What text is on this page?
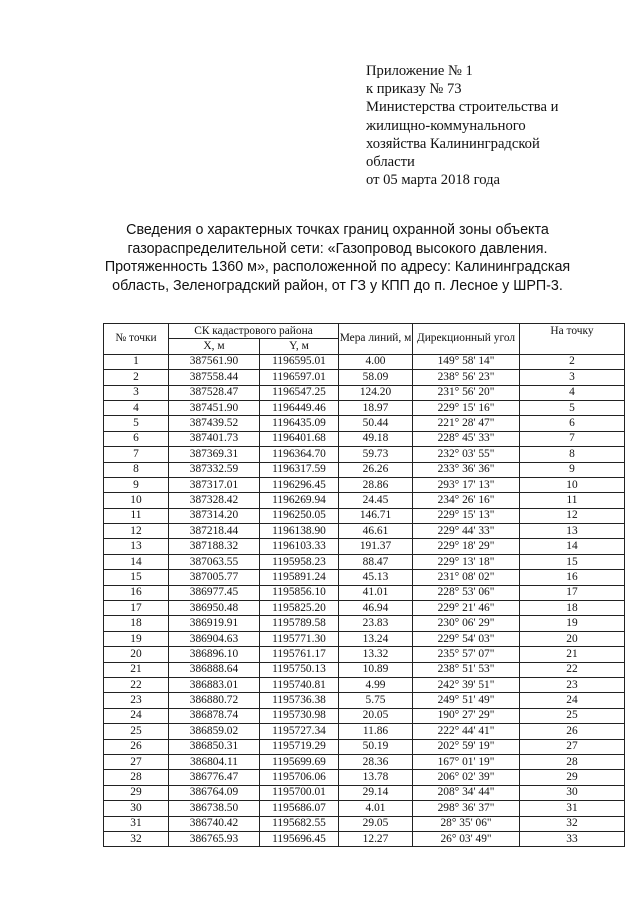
Приложение № 1
к приказу № 73
Министерства строительства и
жилищно-коммунального
хозяйства Калининградской
области
от 05 марта 2018 года
Сведения о характерных точках границ охранной зоны объекта
газораспределительной сети: «Газопровод высокого давления.
Протяженность 1360 м», расположенной по адресу: Калининградская
область, Зеленоградский район, от ГЗ у КПП до п. Лесное у ШРП-3.
№ точки	СК кадастрового района		Мера линий, м	Дирекционный угол	На точку
	X, м	Y, м			
1	387561.90	1196595.01	4.00	149° 58' 14"	2
2	387558.44	1196597.01	58.09	238° 56' 23"	3
3	387528.47	1196547.25	124.20	231° 56' 20"	4
4	387451.90	1196449.46	18.97	229° 15' 16"	5
5	387439.52	1196435.09	50.44	221° 28' 47"	6
6	387401.73	1196401.68	49.18	228° 45' 33"	7
7	387369.31	1196364.70	59.73	232° 03' 55"	8
8	387332.59	1196317.59	26.26	233° 36' 36"	9
9	387317.01	1196296.45	28.86	293° 17' 13"	10
10	387328.42	1196269.94	24.45	234° 26' 16"	11
11	387314.20	1196250.05	146.71	229° 15' 13"	12
12	387218.44	1196138.90	46.61	229° 44' 33"	13
13	387188.32	1196103.33	191.37	229° 18' 29"	14
14	387063.55	1195958.23	88.47	229° 13' 18"	15
15	387005.77	1195891.24	45.13	231° 08' 02"	16
16	386977.45	1195856.10	41.01	228° 53' 06"	17
17	386950.48	1195825.20	46.94	229° 21' 46"	18
18	386919.91	1195789.58	23.83	230° 06' 29"	19
19	386904.63	1195771.30	13.24	229° 54' 03"	20
20	386896.10	1195761.17	13.32	235° 57' 07"	21
21	386888.64	1195750.13	10.89	238° 51' 53"	22
22	386883.01	1195740.81	4.99	242° 39' 51"	23
23	386880.72	1195736.38	5.75	249° 51' 49"	24
24	386878.74	1195730.98	20.05	190° 27' 29"	25
25	386859.02	1195727.34	11.86	222° 44' 41"	26
26	386850.31	1195719.29	50.19	202° 59' 19"	27
27	386804.11	1195699.69	28.36	167° 01' 19"	28
28	386776.47	1195706.06	13.78	206° 02' 39"	29
29	386764.09	1195700.01	29.14	208° 34' 44"	30
30	386738.50	1195686.07	4.01	298° 36' 37"	31
31	386740.42	1195682.55	29.05	28° 35' 06"	32
32	386765.93	1195696.45	12.27	26° 03' 49"	33
